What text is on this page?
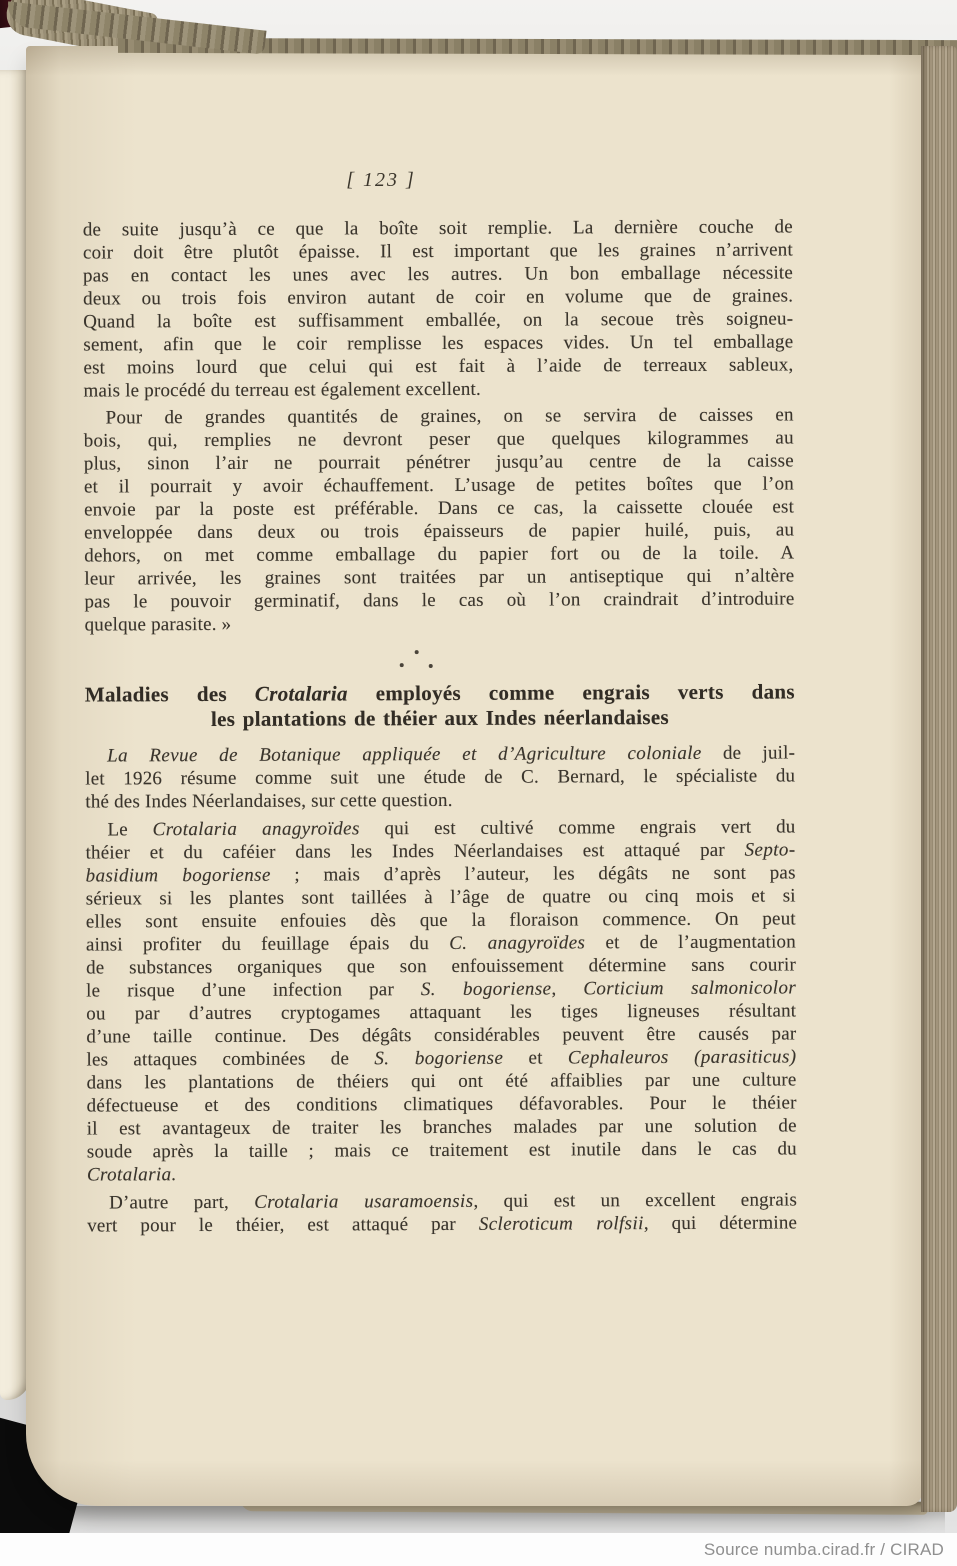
[ 123 ]
de suite jusqu’à ce que la boîte soit remplie. La dernière couche de
coir doit être plutôt épaisse. Il est important que les graines n’arrivent
pas en contact les unes avec les autres. Un bon emballage nécessite
deux ou trois fois environ autant de coir en volume que de graines.
Quand la boîte est suffisamment emballée, on la secoue très soigneu-
sement, afin que le coir remplisse les espaces vides. Un tel emballage
est moins lourd que celui qui est fait à l’aide de terreaux sableux,
mais le procédé du terreau est également excellent.
Pour de grandes quantités de graines, on se servira de caisses en
bois, qui, remplies ne devront peser que quelques kilogrammes au
plus, sinon l’air ne pourrait pénétrer jusqu’au centre de la caisse
et il pourrait y avoir échauffement. L’usage de petites boîtes que l’on
envoie par la poste est préférable. Dans ce cas, la caissette clouée est
enveloppée dans deux ou trois épaisseurs de papier huilé, puis, au
dehors, on met comme emballage du papier fort ou de la toile. A
leur arrivée, les graines sont traitées par un antiseptique qui n’altère
pas le pouvoir germinatif, dans le cas où l’on craindrait d’introduire
quelque parasite. »
Maladies des Crotalaria employés comme engrais verts dans
les plantations de théier aux Indes néerlandaises
La Revue de Botanique appliquée et d’Agriculture coloniale de juil-
let 1926 résume comme suit une étude de C. Bernard, le spécialiste du
thé des Indes Néerlandaises, sur cette question.
Le Crotalaria anagyroïdes qui est cultivé comme engrais vert du
théier et du caféier dans les Indes Néerlandaises est attaqué par Septo-
basidium bogoriense ; mais d’après l’auteur, les dégâts ne sont pas
sérieux si les plantes sont taillées à l’âge de quatre ou cinq mois et si
elles sont ensuite enfouies dès que la floraison commence. On peut
ainsi profiter du feuillage épais du C. anagyroïdes et de l’augmentation
de substances organiques que son enfouissement détermine sans courir
le risque d’une infection par S. bogoriense, Corticium salmonicolor
ou par d’autres cryptogames attaquant les tiges ligneuses résultant
d’une taille continue. Des dégâts considérables peuvent être causés par
les attaques combinées de S. bogoriense et Cephaleuros (parasiticus)
dans les plantations de théiers qui ont été affaiblies par une culture
défectueuse et des conditions climatiques défavorables. Pour le théier
il est avantageux de traiter les branches malades par une solution de
soude après la taille ; mais ce traitement est inutile dans le cas du
Crotalaria.
D’autre part, Crotalaria usaramoensis, qui est un excellent engrais
vert pour le théier, est attaqué par Scleroticum rolfsii, qui détermine
Source numba.cirad.fr / CIRAD
